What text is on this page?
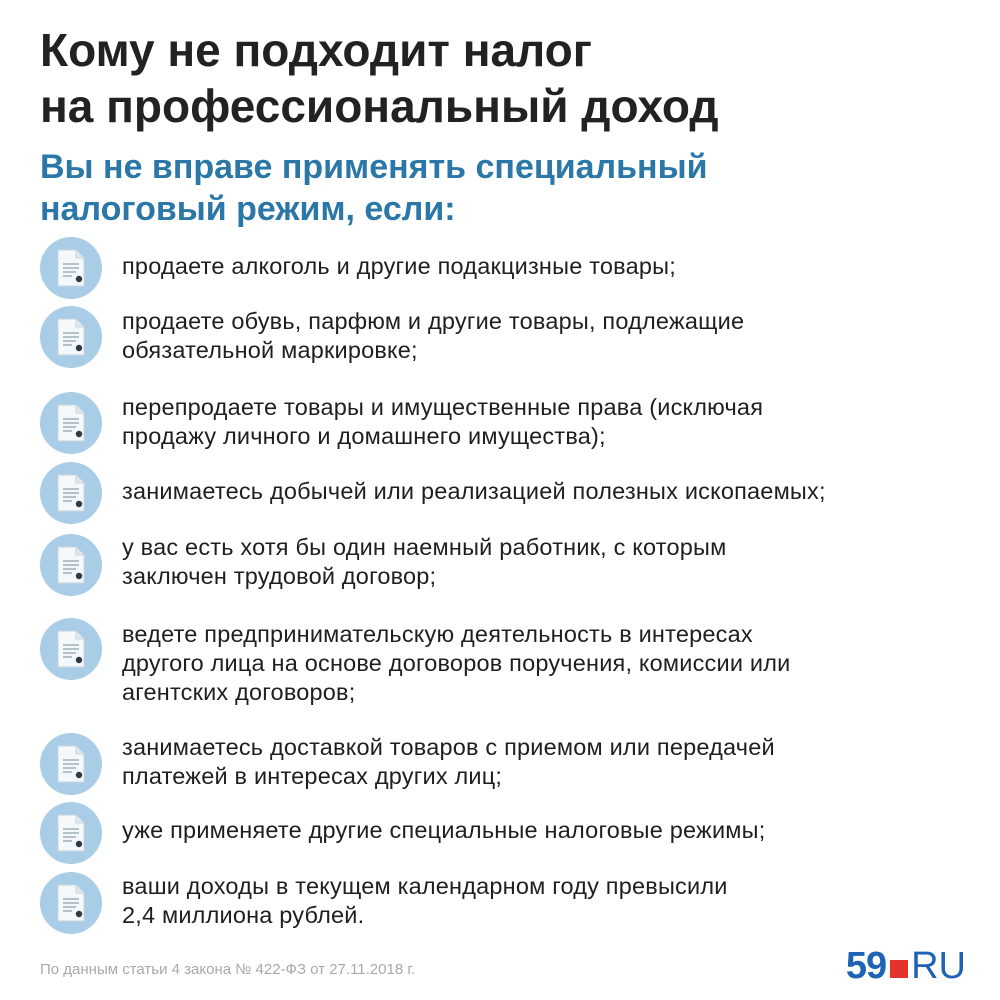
Кому не подходит налог
на профессиональный доход
Вы не вправе применять специальный
налоговый режим, если:
продаете алкоголь и другие подакцизные товары;
продаете обувь, парфюм и другие товары, подлежащие
обязательной маркировке;
перепродаете товары и имущественные права (исключая
продажу личного и домашнего имущества);
занимаетесь добычей или реализацией полезных ископаемых;
у вас есть хотя бы один наемный работник, с которым
заключен трудовой договор;
ведете предпринимательскую деятельность в интересах
другого лица на основе договоров поручения, комиссии или
агентских договоров;
занимаетесь доставкой товаров с приемом или передачей
платежей в интересах других лиц;
уже применяете другие специальные налоговые режимы;
ваши доходы в текущем календарном году превысили
2,4 миллиона рублей.
По данным статьи 4 закона № 422-ФЗ от 27.11.2018 г.	59 RU
